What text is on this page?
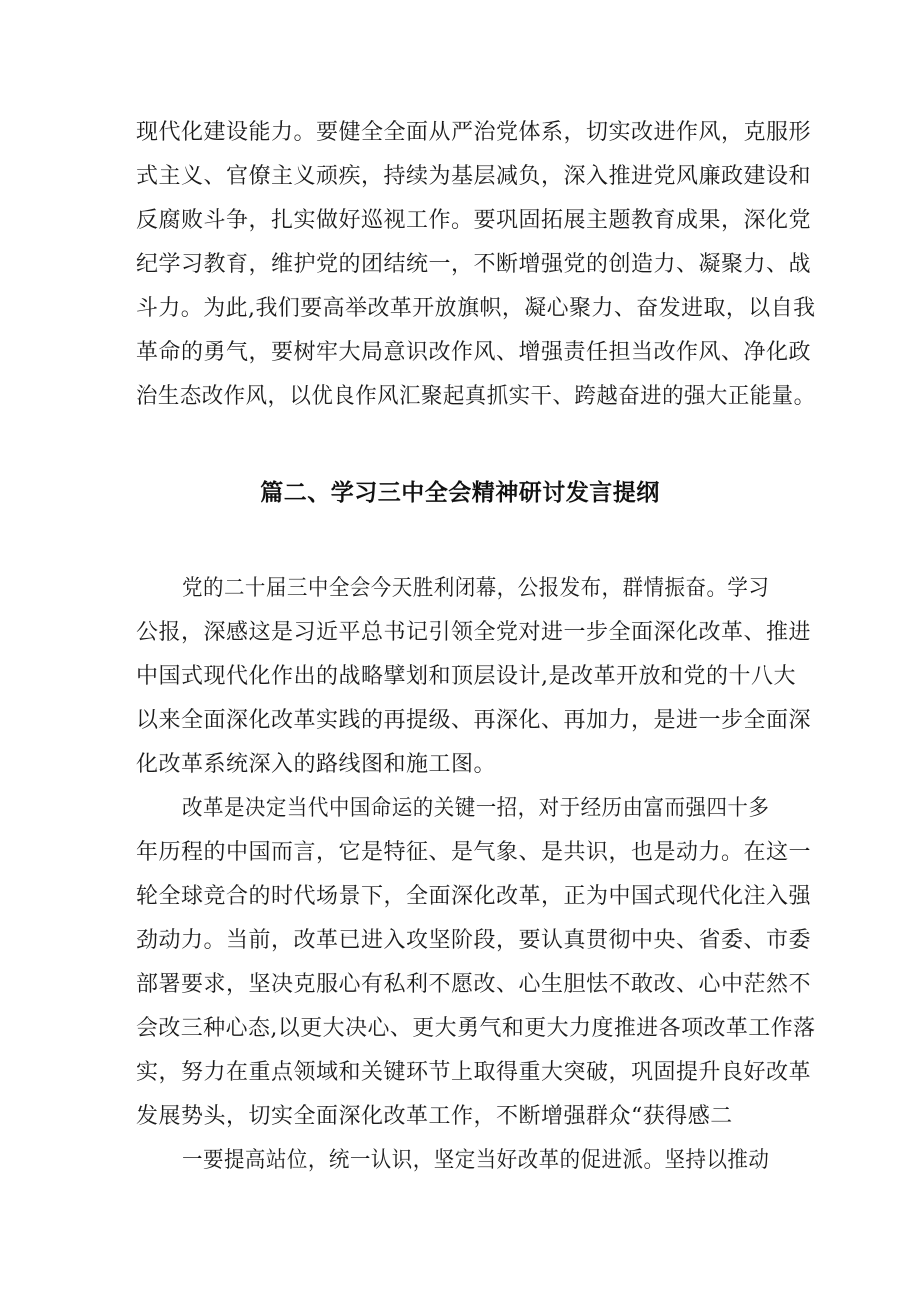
现代化建设能力。要健全全面从严治党体系，切实改进作风，克服形
式主义、官僚主义顽疾，持续为基层减负，深入推进党风廉政建设和
反腐败斗争，扎实做好巡视工作。要巩固拓展主题教育成果，深化党
纪学习教育，维护党的团结统一，不断增强党的创造力、凝聚力、战
斗力。为此,我们要高举改革开放旗帜，凝心聚力、奋发进取，以自我
革命的勇气，要树牢大局意识改作风、增强责任担当改作风、净化政
治生态改作风，以优良作风汇聚起真抓实干、跨越奋进的强大正能量。
篇二、学习三中全会精神研讨发言提纲
党的二十届三中全会今天胜利闭幕，公报发布，群情振奋。学习
公报，深感这是习近平总书记引领全党对进一步全面深化改革、推进
中国式现代化作出的战略擘划和顶层设计,是改革开放和党的十八大
以来全面深化改革实践的再提级、再深化、再加力，是进一步全面深
化改革系统深入的路线图和施工图。
改革是决定当代中国命运的关键一招，对于经历由富而强四十多
年历程的中国而言，它是特征、是气象、是共识，也是动力。在这一
轮全球竞合的时代场景下，全面深化改革，正为中国式现代化注入强
劲动力。当前，改革已进入攻坚阶段，要认真贯彻中央、省委、市委
部署要求，坚决克服心有私利不愿改、心生胆怯不敢改、心中茫然不
会改三种心态,以更大决心、更大勇气和更大力度推进各项改革工作落
实，努力在重点领域和关键环节上取得重大突破，巩固提升良好改革
发展势头，切实全面深化改革工作，不断增强群众“获得感二
一要提高站位，统一认识，坚定当好改革的促进派。坚持以推动
